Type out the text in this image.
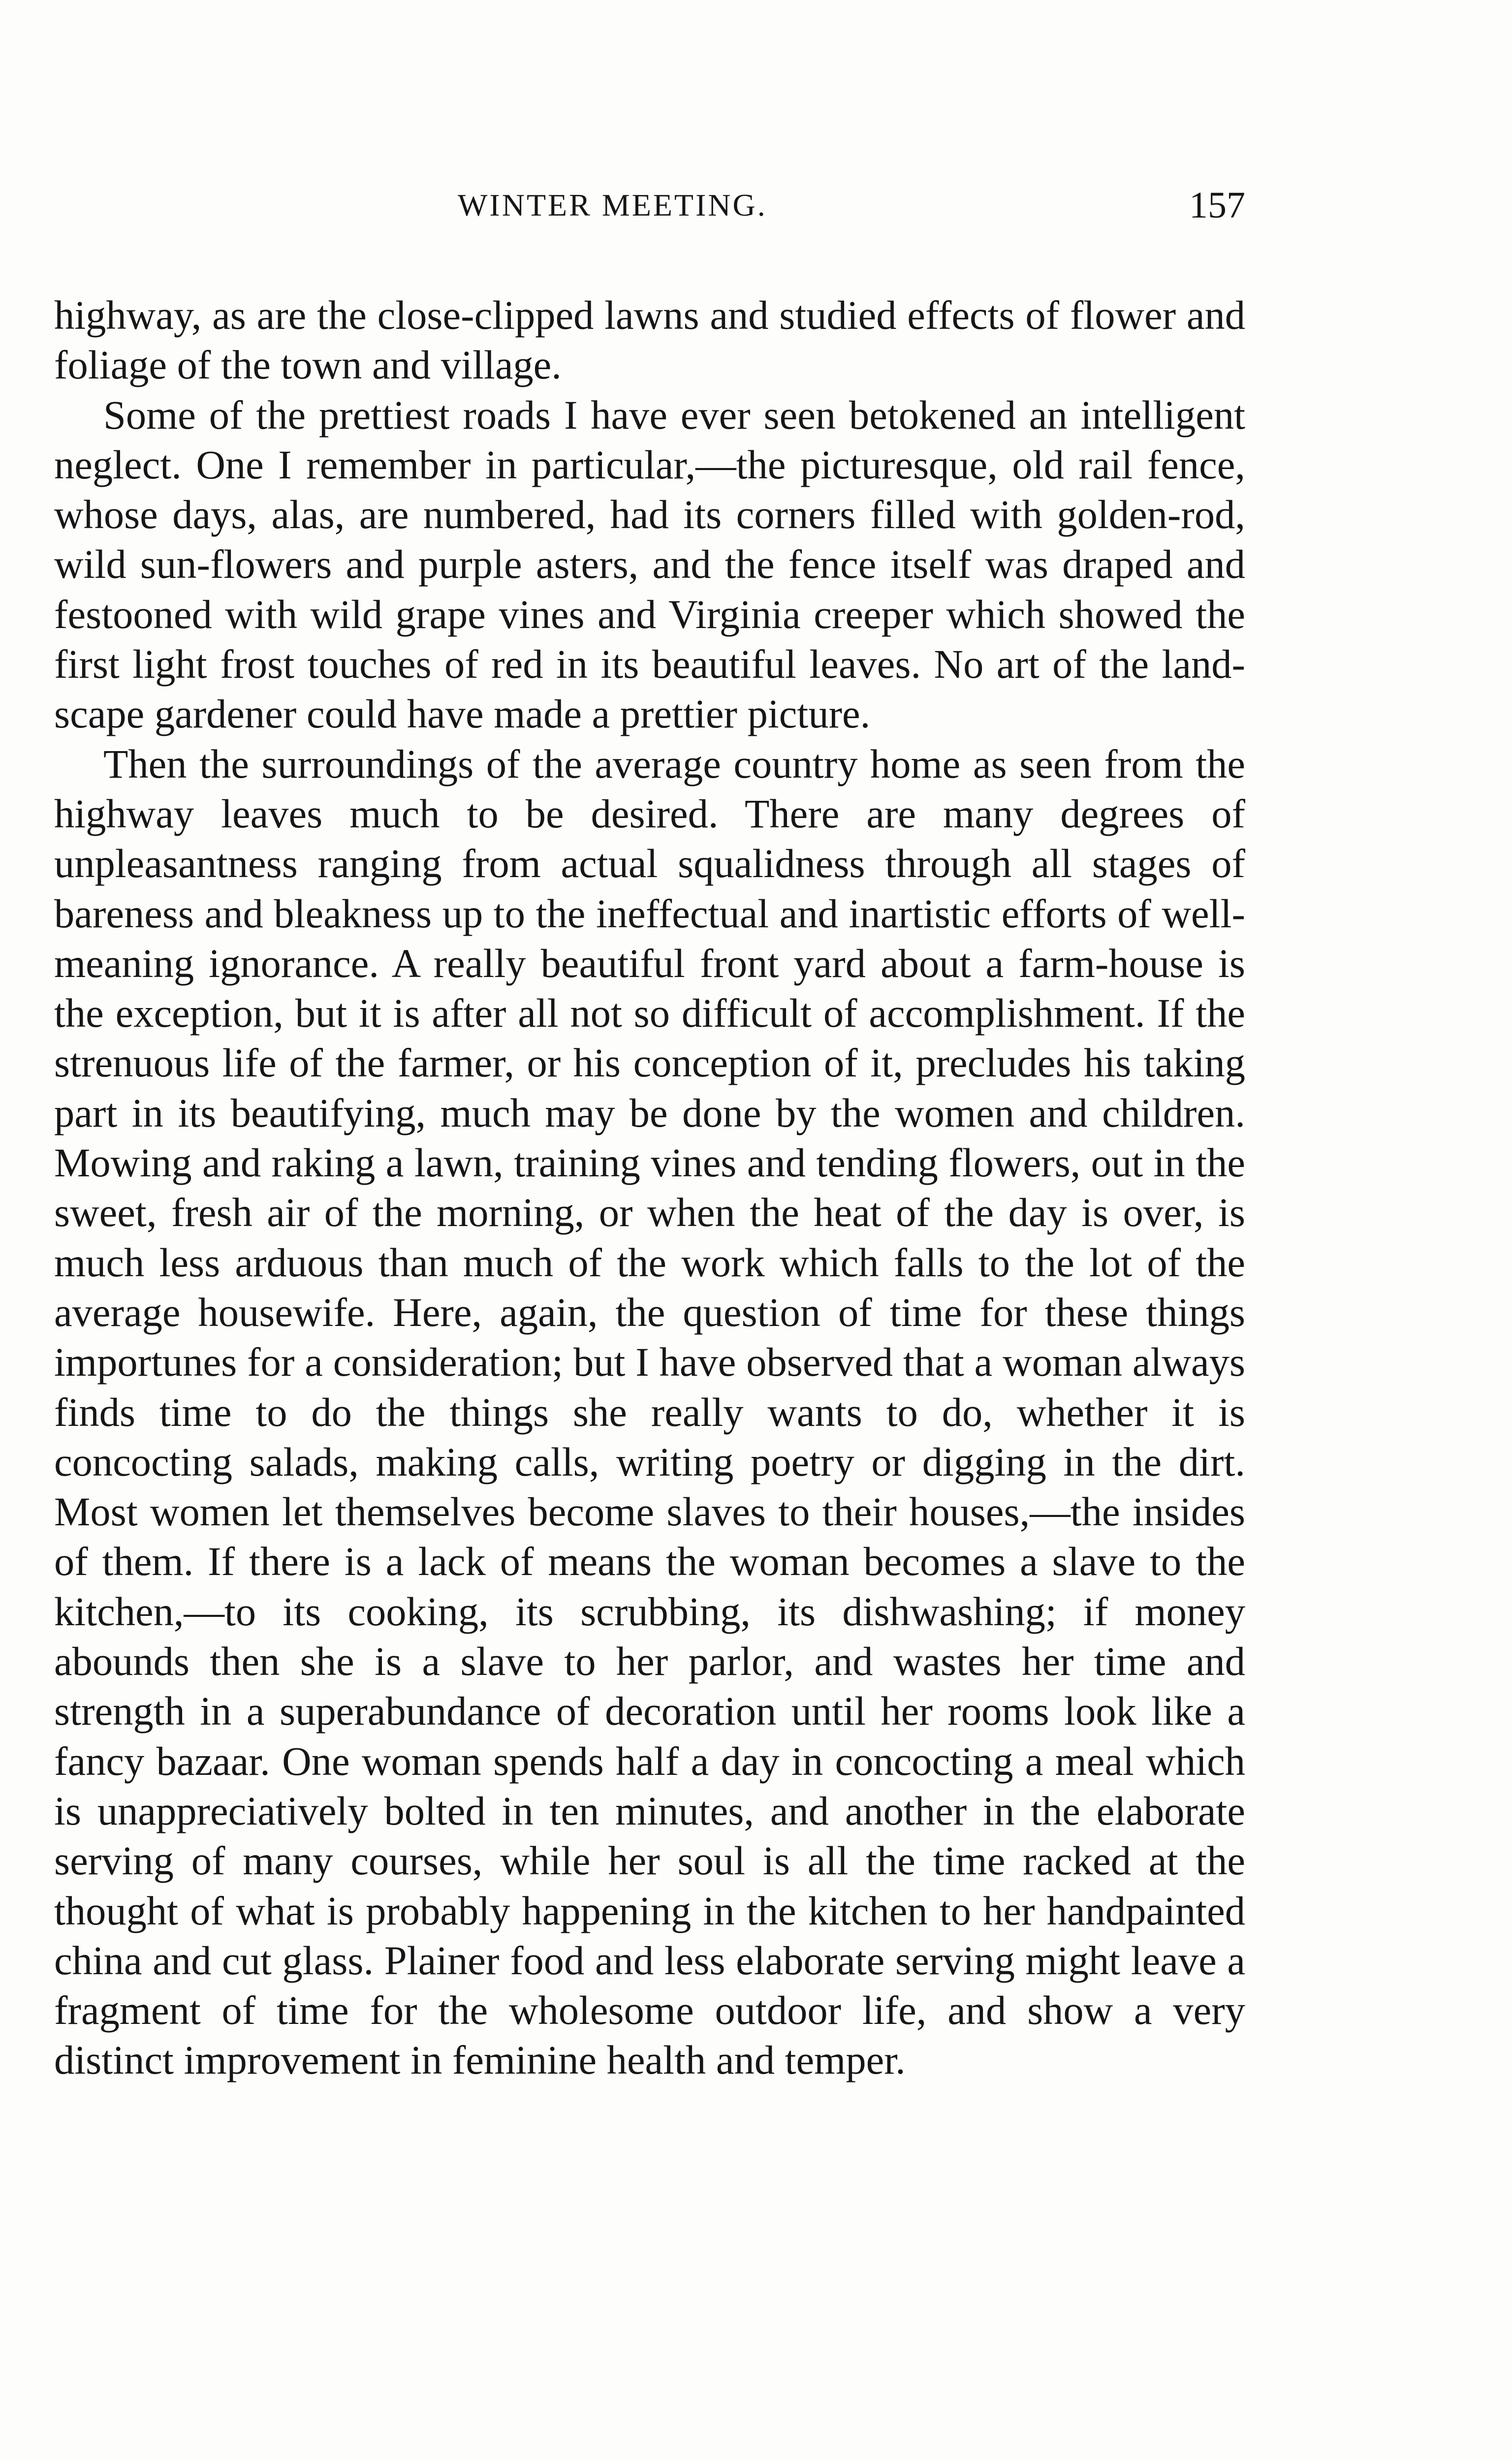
WINTER MEETING.	157

highway, as are the close-clipped lawns and studied effects of flower and foliage of the town and village.

Some of the prettiest roads I have ever seen betokened an intelligent neglect. One I remember in particular,—the picturesque, old rail fence, whose days, alas, are numbered, had its corners filled with golden-rod, wild sun-flowers and purple asters, and the fence itself was draped and festooned with wild grape vines and Virginia creeper which showed the first light frost touches of red in its beautiful leaves. No art of the landscape gardener could have made a prettier picture.

Then the surroundings of the average country home as seen from the highway leaves much to be desired. There are many degrees of unpleasantness ranging from actual squalidness through all stages of bareness and bleakness up to the ineffectual and inartistic efforts of well-meaning ignorance. A really beautiful front yard about a farm-house is the exception, but it is after all not so difficult of accomplishment. If the strenuous life of the farmer, or his conception of it, precludes his taking part in its beautifying, much may be done by the women and children. Mowing and raking a lawn, training vines and tending flowers, out in the sweet, fresh air of the morning, or when the heat of the day is over, is much less arduous than much of the work which falls to the lot of the average housewife. Here, again, the question of time for these things importunes for a consideration; but I have observed that a woman always finds time to do the things she really wants to do, whether it is concocting salads, making calls, writing poetry or digging in the dirt. Most women let themselves become slaves to their houses,—the insides of them. If there is a lack of means the woman becomes a slave to the kitchen,—to its cooking, its scrubbing, its dishwashing; if money abounds then she is a slave to her parlor, and wastes her time and strength in a superabundance of decoration until her rooms look like a fancy bazaar. One woman spends half a day in concocting a meal which is unappreciatively bolted in ten minutes, and another in the elaborate serving of many courses, while her soul is all the time racked at the thought of what is probably happening in the kitchen to her handpainted china and cut glass. Plainer food and less elaborate serving might leave a fragment of time for the wholesome outdoor life, and show a very distinct improvement in feminine health and temper.
